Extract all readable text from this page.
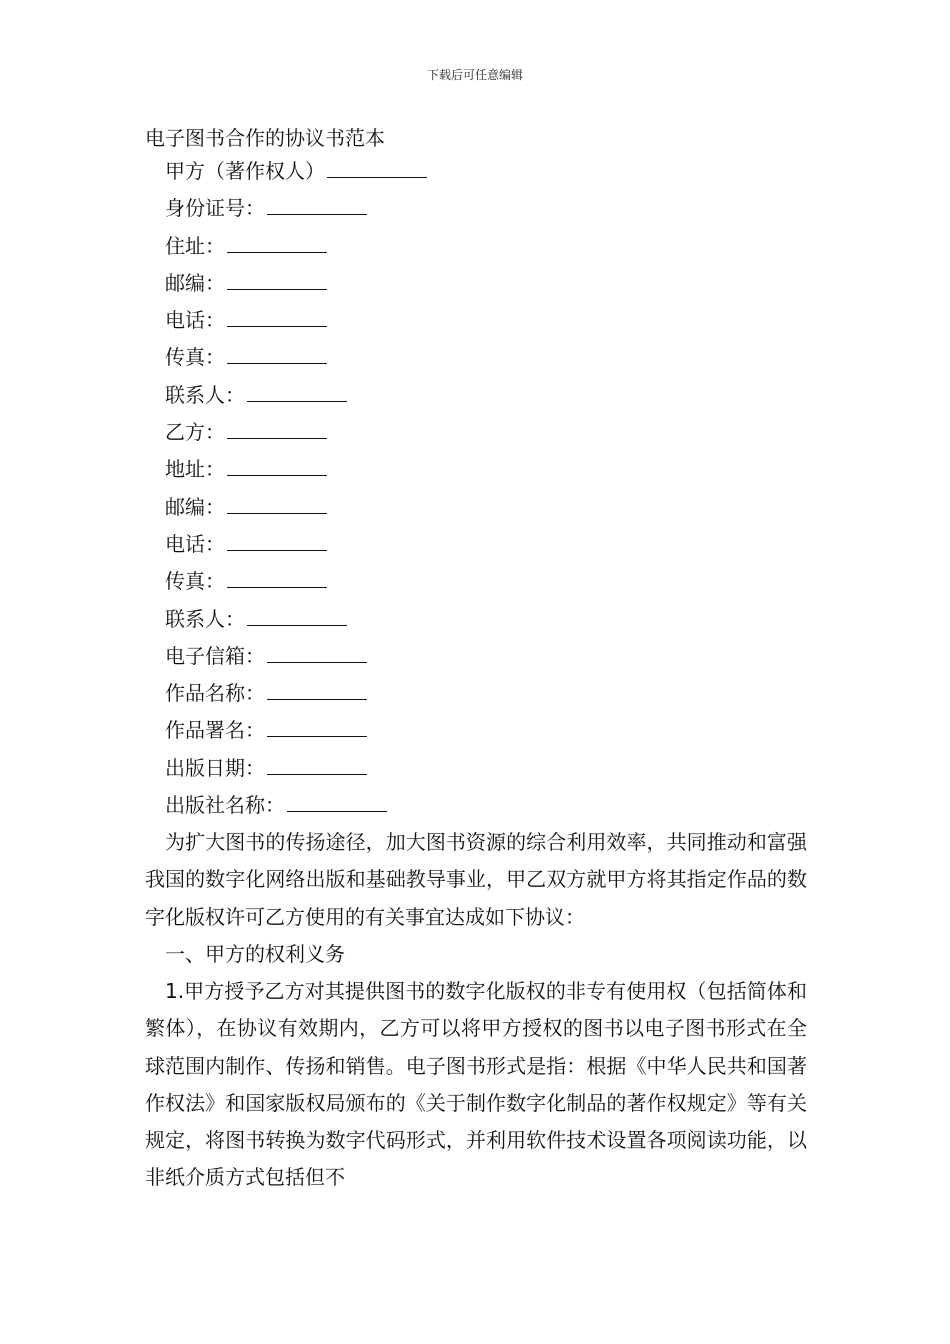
下载后可任意编辑
电子图书合作的协议书范本
甲方（著作权人）
身份证号：
住址：
邮编：
电话：
传真：
联系人：
乙方：
地址：
邮编：
电话：
传真：
联系人：
电子信箱：
作品名称：
作品署名：
出版日期：
出版社名称：

为扩大图书的传扬途径，加大图书资源的综合利用效率，共同推动和富强我国的数字化网络出版和基础教导事业，甲乙双方就甲方将其指定作品的数字化版权许可乙方使用的有关事宜达成如下协议：

一、甲方的权利义务

1.甲方授予乙方对其提供图书的数字化版权的非专有使用权（包括简体和繁体），在协议有效期内，乙方可以将甲方授权的图书以电子图书形式在全球范围内制作、传扬和销售。电子图书形式是指：根据《中华人民共和国著作权法》和国家版权局颁布的《关于制作数字化制品的著作权规定》等有关规定，将图书转换为数字代码形式，并利用软件技术设置各项阅读功能，以非纸介质方式包括但不
